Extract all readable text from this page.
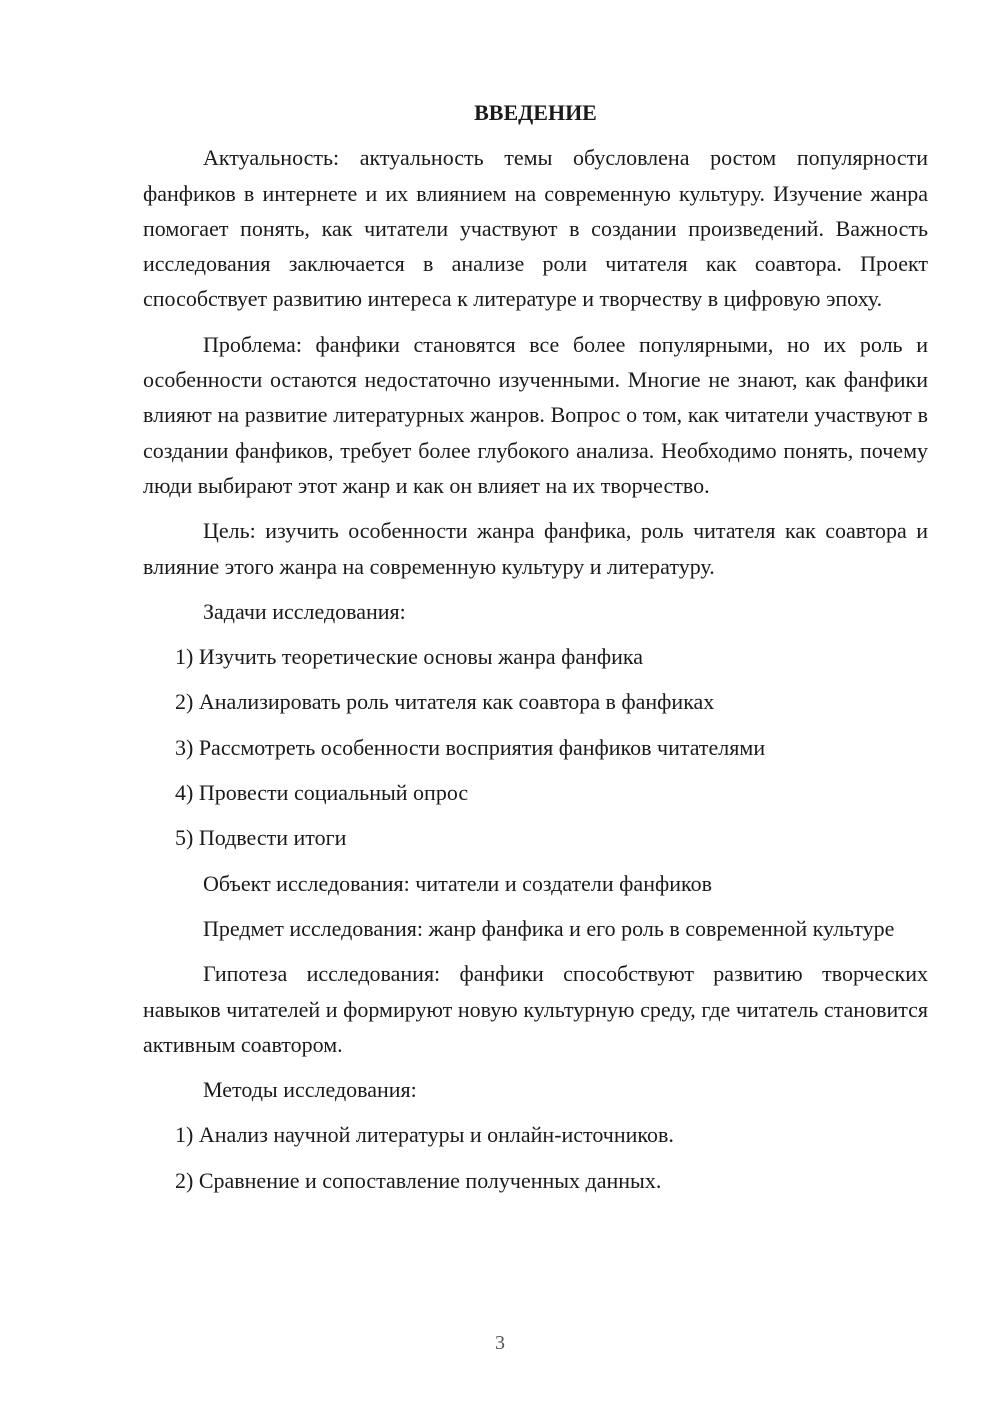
ВВЕДЕНИЕ

Актуальность: актуальность темы обусловлена ростом популярности фанфиков в интернете и их влиянием на современную культуру. Изучение жанра помогает понять, как читатели участвуют в создании произведений. Важность исследования заключается в анализе роли читателя как соавтора. Проект способствует развитию интереса к литературе и творчеству в цифровую эпоху.

Проблема: фанфики становятся все более популярными, но их роль и особенности остаются недостаточно изученными. Многие не знают, как фанфики влияют на развитие литературных жанров. Вопрос о том, как читатели участвуют в создании фанфиков, требует более глубокого анализа. Необходимо понять, почему люди выбирают этот жанр и как он влияет на их творчество.

Цель: изучить особенности жанра фанфика, роль читателя как соавтора и влияние этого жанра на современную культуру и литературу.

Задачи исследования:
1) Изучить теоретические основы жанра фанфика
2) Анализировать роль читателя как соавтора в фанфиках
3) Рассмотреть особенности восприятия фанфиков читателями
4) Провести социальный опрос
5) Подвести итоги
Объект исследования: читатели и создатели фанфиков

Предмет исследования: жанр фанфика и его роль в современной культуре

Гипотеза исследования: фанфики способствуют развитию творческих навыков читателей и формируют новую культурную среду, где читатель становится активным соавтором.

Методы исследования:
1) Анализ научной литературы и онлайн-источников.
2) Сравнение и сопоставление полученных данных.
3
